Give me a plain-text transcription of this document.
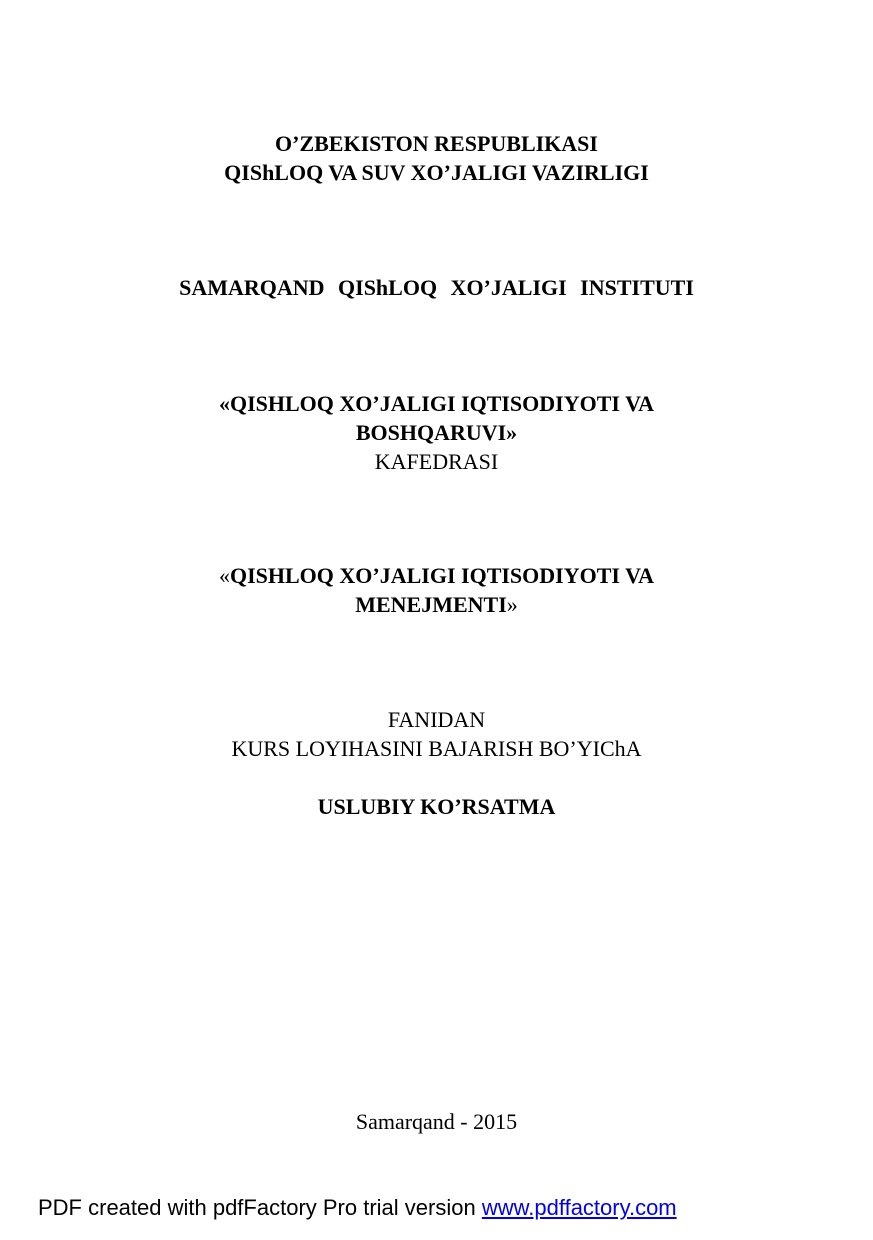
O’ZBEKISTON RESPUBLIKASI
QIShLOQ VA SUV XO’JALIGI VAZIRLIGI
SAMARQAND QIShLOQ XO’JALIGI INSTITUTI
«QISHLOQ XO’JALIGI IQTISODIYOTI VA
BOSHQARUVI»
KAFEDRASI
«QISHLOQ XO’JALIGI IQTISODIYOTI VA
MENEJMENTI»
FANIDAN
KURS LOYIHASINI BAJARISH BO’YIChA
USLUBIY KO’RSATMA
Samarqand - 2015
PDF created with pdfFactory Pro trial version www.pdffactory.com
